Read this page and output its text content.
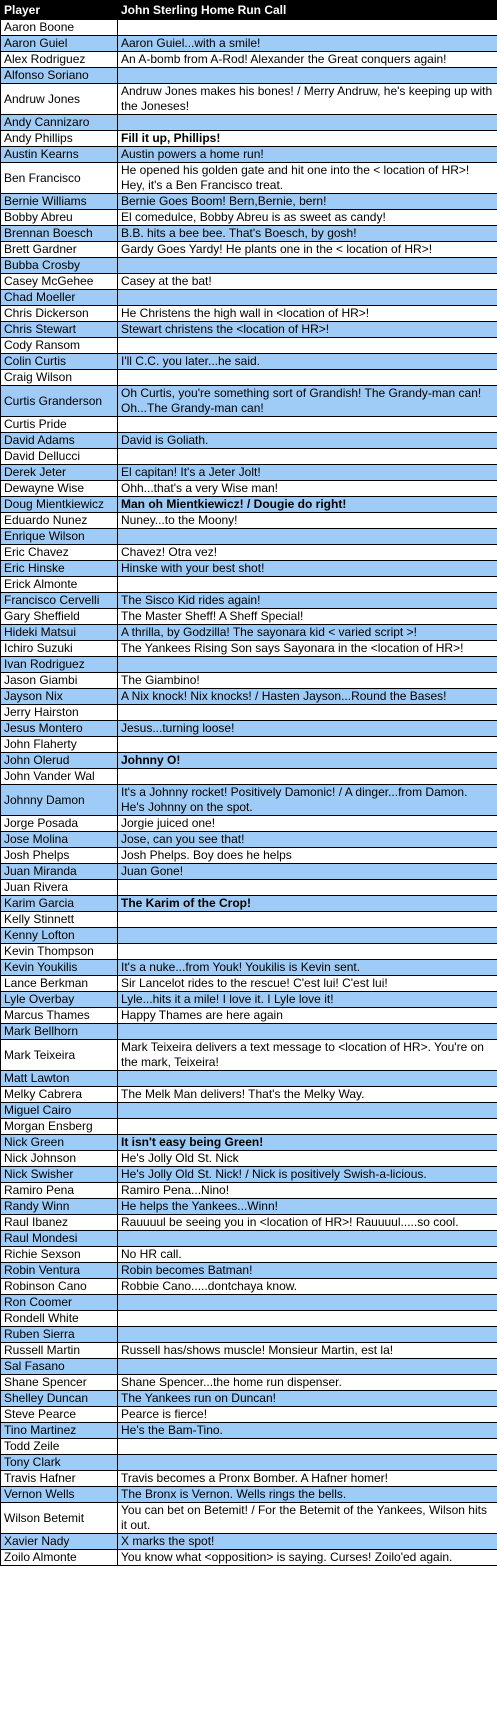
Player	John Sterling Home Run Call
Aaron Boone	
Aaron Guiel	Aaron Guiel...with a smile!
Alex Rodriguez	An A-bomb from A-Rod! Alexander the Great conquers again!
Alfonso Soriano	
Andruw Jones	Andruw Jones makes his bones! / Merry Andruw, he's keeping up with the Joneses!
Andy Cannizaro	
Andy Phillips	Fill it up, Phillips!
Austin Kearns	Austin powers a home run!
Ben Francisco	He opened his golden gate and hit one into the < location of HR>! Hey, it's a Ben Francisco treat.
Bernie Williams	Bernie Goes Boom! Bern,Bernie, bern!
Bobby Abreu	El comedulce, Bobby Abreu is as sweet as candy!
Brennan Boesch	B.B. hits a bee bee. That's Boesch, by gosh!
Brett Gardner	Gardy Goes Yardy! He plants one in the < location of HR>!
Bubba Crosby	
Casey McGehee	Casey at the bat!
Chad Moeller	
Chris Dickerson	He Christens the high wall in <location of HR>!
Chris Stewart	Stewart christens the <location of HR>!
Cody Ransom	
Colin Curtis	I'll C.C. you later...he said.
Craig Wilson	
Curtis Granderson	Oh Curtis, you're something sort of Grandish! The Grandy-man can! Oh...The Grandy-man can!
Curtis Pride	
David Adams	David is Goliath.
David Dellucci	
Derek Jeter	El capitan! It's a Jeter Jolt!
Dewayne Wise	Ohh...that's a very Wise man!
Doug Mientkiewicz	Man oh Mientkiewicz! / Dougie do right!
Eduardo Nunez	Nuney...to the Moony!
Enrique Wilson	
Eric Chavez	Chavez! Otra vez!
Eric Hinske	Hinske with your best shot!
Erick Almonte	
Francisco Cervelli	The Sisco Kid rides again!
Gary Sheffield	The Master Sheff! A Sheff Special!
Hideki Matsui	A thrilla, by Godzilla! The sayonara kid < varied script >!
Ichiro Suzuki	The Yankees Rising Son says Sayonara in the <location of HR>!
Ivan Rodriguez	
Jason Giambi	The Giambino!
Jayson Nix	A Nix knock! Nix knocks! / Hasten Jayson...Round the Bases!
Jerry Hairston	
Jesus Montero	Jesus...turning loose!
John Flaherty	
John Olerud	Johnny O!
John Vander Wal	
Johnny Damon	It's a Johnny rocket! Positively Damonic! / A dinger...from Damon. He's Johnny on the spot.
Jorge Posada	Jorgie juiced one!
Jose Molina	Jose, can you see that!
Josh Phelps	Josh Phelps. Boy does he helps
Juan Miranda	Juan Gone!
Juan Rivera	
Karim Garcia	The Karim of the Crop!
Kelly Stinnett	
Kenny Lofton	
Kevin Thompson	
Kevin Youkilis	It's a nuke...from Youk! Youkilis is Kevin sent.
Lance Berkman	Sir Lancelot rides to the rescue! C'est lui! C'est lui!
Lyle Overbay	Lyle...hits it a mile! I love it. I Lyle love it!
Marcus Thames	Happy Thames are here again
Mark Bellhorn	
Mark Teixeira	Mark Teixeira delivers a text message to <location of HR>. You're on the mark, Teixeira!
Matt Lawton	
Melky Cabrera	The Melk Man delivers! That's the Melky Way.
Miguel Cairo	
Morgan Ensberg	
Nick Green	It isn't easy being Green!
Nick Johnson	He's Jolly Old St. Nick
Nick Swisher	He's Jolly Old St. Nick! / Nick is positively Swish-a-licious.
Ramiro Pena	Ramiro Pena...Nino!
Randy Winn	He helps the Yankees...Winn!
Raul Ibanez	Rauuuul be seeing you in <location of HR>! Rauuuul.....so cool.
Raul Mondesi	
Richie Sexson	No HR call.
Robin Ventura	Robin becomes Batman!
Robinson Cano	Robbie Cano.....dontchaya know.
Ron Coomer	
Rondell White	
Ruben Sierra	
Russell Martin	Russell has/shows muscle! Monsieur Martin, est la!
Sal Fasano	
Shane Spencer	Shane Spencer...the home run dispenser.
Shelley Duncan	The Yankees run on Duncan!
Steve Pearce	Pearce is fierce!
Tino Martinez	He's the Bam-Tino.
Todd Zeile	
Tony Clark	
Travis Hafner	Travis becomes a Pronx Bomber. A Hafner homer!
Vernon Wells	The Bronx is Vernon. Wells rings the bells.
Wilson Betemit	You can bet on Betemit! / For the Betemit of the Yankees, Wilson hits it out.
Xavier Nady	X marks the spot!
Zoilo Almonte	You know what <opposition> is saying. Curses! Zoilo'ed again.
